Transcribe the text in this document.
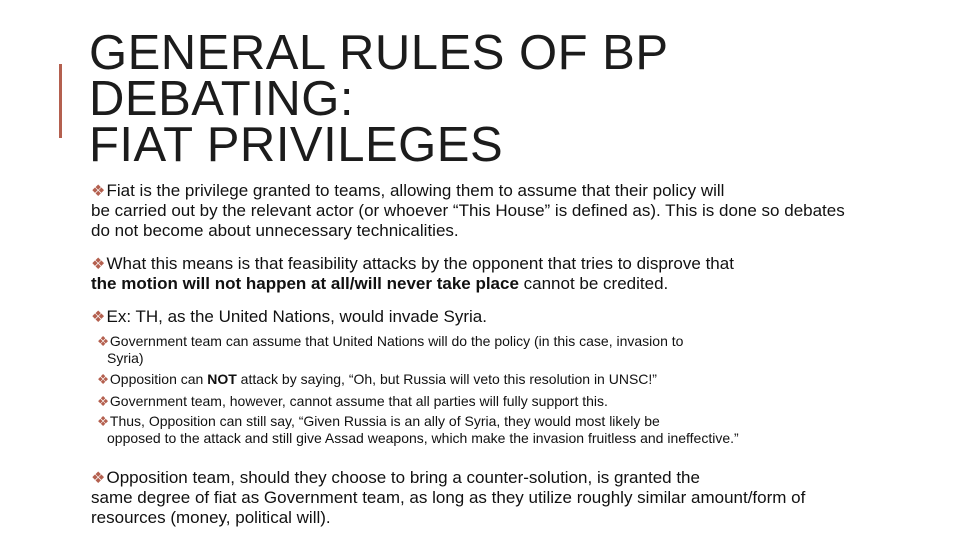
GENERAL RULES OF BP
DEBATING:
FIAT PRIVILEGES

❖Fiat is the privilege granted to teams, allowing them to assume that their policy will
be carried out by the relevant actor (or whoever “This House” is defined as). This is done so debates do not become about unnecessary technicalities.

❖What this means is that feasibility attacks by the opponent that tries to disprove that
the motion will not happen at all/will never take place cannot be credited.

❖Ex: TH, as the United Nations, would invade Syria.

❖Government team can assume that United Nations will do the policy (in this case, invasion to
Syria)

❖Opposition can NOT attack by saying, “Oh, but Russia will veto this resolution in UNSC!”

❖Government team, however, cannot assume that all parties will fully support this.

❖Thus, Opposition can still say, “Given Russia is an ally of Syria, they would most likely be
opposed to the attack and still give Assad weapons, which make the invasion fruitless and ineffective.”

❖Opposition team, should they choose to bring a counter-solution, is granted the
same degree of fiat as Government team, as long as they utilize roughly similar amount/form of resources (money, political will).
